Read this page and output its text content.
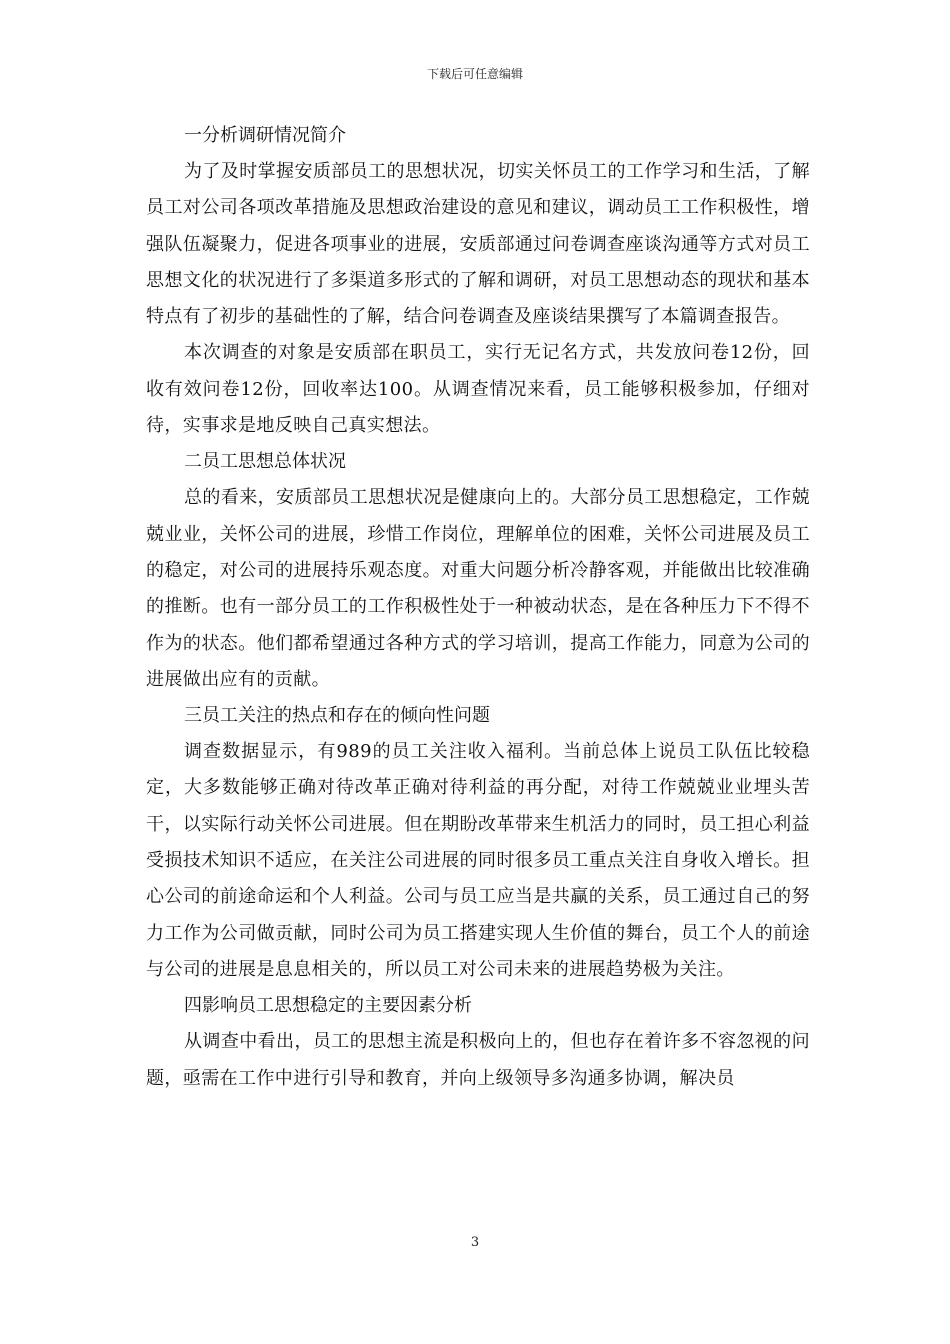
下载后可任意编辑

一分析调研情况简介

为了及时掌握安质部员工的思想状况，切实关怀员工的工作学习和生活，了解员工对公司各项改革措施及思想政治建设的意见和建议，调动员工工作积极性，增强队伍凝聚力，促进各项事业的进展，安质部通过问卷调查座谈沟通等方式对员工思想文化的状况进行了多渠道多形式的了解和调研，对员工思想动态的现状和基本特点有了初步的基础性的了解，结合问卷调查及座谈结果撰写了本篇调查报告。

本次调查的对象是安质部在职员工，实行无记名方式，共发放问卷12份，回收有效问卷12份，回收率达100。从调查情况来看，员工能够积极参加，仔细对待，实事求是地反映自己真实想法。

二员工思想总体状况

总的看来，安质部员工思想状况是健康向上的。大部分员工思想稳定，工作兢兢业业，关怀公司的进展，珍惜工作岗位，理解单位的困难，关怀公司进展及员工的稳定，对公司的进展持乐观态度。对重大问题分析冷静客观，并能做出比较准确的推断。也有一部分员工的工作积极性处于一种被动状态，是在各种压力下不得不作为的状态。他们都希望通过各种方式的学习培训，提高工作能力，同意为公司的进展做出应有的贡献。

三员工关注的热点和存在的倾向性问题

调查数据显示，有989的员工关注收入福利。当前总体上说员工队伍比较稳定，大多数能够正确对待改革正确对待利益的再分配，对待工作兢兢业业埋头苦干，以实际行动关怀公司进展。但在期盼改革带来生机活力的同时，员工担心利益受损技术知识不适应，在关注公司进展的同时很多员工重点关注自身收入增长。担心公司的前途命运和个人利益。公司与员工应当是共赢的关系，员工通过自己的努力工作为公司做贡献，同时公司为员工搭建实现人生价值的舞台，员工个人的前途与公司的进展是息息相关的，所以员工对公司未来的进展趋势极为关注。

四影响员工思想稳定的主要因素分析

从调查中看出，员工的思想主流是积极向上的，但也存在着许多不容忽视的问题，亟需在工作中进行引导和教育，并向上级领导多沟通多协调，解决员

3
